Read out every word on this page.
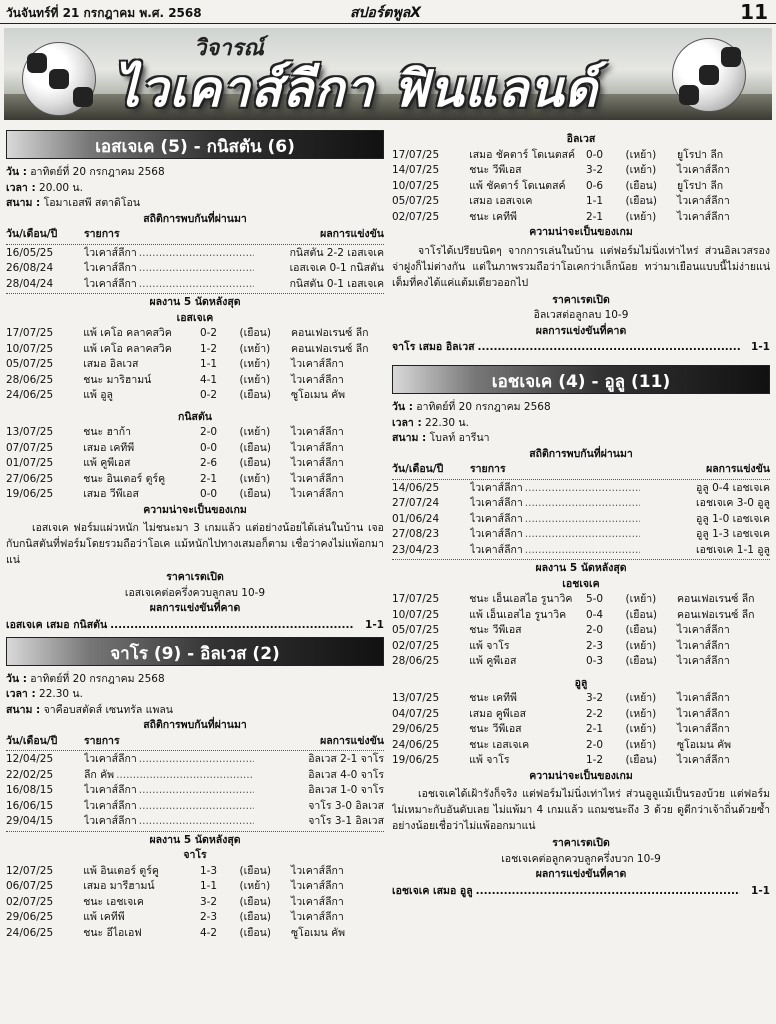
วันจันทร์ที่ 21 กรกฎาคม พ.ศ. 2568	สปอร์ตพูลX	11
วิจารณ์
ไวเคาส์ลีกา ฟินแลนด์
เอสเจเค (5) - กนิสตัน (6)
วัน : อาทิตย์ที่ 20 กรกฎาคม 2568
เวลา : 20.00 น.
สนาม : โอมาเอสพี สตาดิโอน
สถิติการพบกันที่ผ่านมา
วัน/เดือน/ปี	รายการ	ผลการแข่งขัน
16/05/25	ไวเคาส์ลีกา .....	กนิสตัน 2-2 เอสเจเค
26/08/24	ไวเคาส์ลีกา .....	เอสเจเค 0-1 กนิสตัน
28/04/24	ไวเคาส์ลีกา .....	กนิสตัน 0-1 เอสเจเค
ผลงาน 5 นัดหลังสุด
เอสเจเค
17/07/25	แพ้ เคโอ คลาคสวิค	0-2	(เยือน)	คอนเฟอเรนซ์ ลีก
10/07/25	แพ้ เคโอ คลาคสวิค	1-2	(เหย้า)	คอนเฟอเรนซ์ ลีก
05/07/25	เสมอ อิลเวส	1-1	(เหย้า)	ไวเคาส์ลีกา
28/06/25	ชนะ มาริฮามน์	4-1	(เหย้า)	ไวเคาส์ลีกา
24/06/25	แพ้ อูลู	0-2	(เยือน)	ซูโอเมน คัพ
กนิสตัน
13/07/25	ชนะ ฮาก้า	2-0	(เหย้า)	ไวเคาส์ลีกา
07/07/25	เสมอ เคทีพี	0-0	(เยือน)	ไวเคาส์ลีกา
01/07/25	แพ้ คูพีเอส	2-6	(เยือน)	ไวเคาส์ลีกา
27/06/25	ชนะ อินเตอร์ ตูร์คู	2-1	(เหย้า)	ไวเคาส์ลีกา
19/06/25	เสมอ วีพีเอส	0-0	(เยือน)	ไวเคาส์ลีกา
ความน่าจะเป็นของเกม
เอสเจเค ฟอร์มแผ่วหนัก ไม่ชนะมา 3 เกมแล้ว แต่อย่างน้อยได้เล่นในบ้าน เจอกับกนิสตันที่ฟอร์มโดยรวมถือว่าโอเค แม้หนักไปทางเสมอก็ตาม เชื่อว่าคงไม่แพ้อกมาแน่
ราคาเรตเปิด
เอสเจเคต่อครึ่งควบลูกลบ 10-9
ผลการแข่งขันที่คาด
เอสเจเค เสมอ กนิสตัน .....	1-1
จาโร (9) - อิลเวส (2)
วัน : อาทิตย์ที่ 20 กรกฎาคม 2568
เวลา : 22.30 น.
สนาม : จาคือบสตัดส์ เซนทรัล แพลน
สถิติการพบกันที่ผ่านมา
วัน/เดือน/ปี	รายการ	ผลการแข่งขัน
12/04/25	ไวเคาส์ลีกา .....	อิลเวส 2-1 จาโร
22/02/25	ลีก คัพ .....	อิลเวส 4-0 จาโร
16/08/15	ไวเคาส์ลีกา .....	อิลเวส 1-0 จาโร
16/06/15	ไวเคาส์ลีกา .....	จาโร 3-0 อิลเวส
29/04/15	ไวเคาส์ลีกา .....	จาโร 3-1 อิลเวส
ผลงาน 5 นัดหลังสุด
จาโร
12/07/25	แพ้ อินเตอร์ ตูร์คู	1-3	(เยือน)	ไวเคาส์ลีกา
06/07/25	เสมอ มารีฮามน์	1-1	(เหย้า)	ไวเคาส์ลีกา
02/07/25	ชนะ เอชเจเค	3-2	(เยือน)	ไวเคาส์ลีกา
29/06/25	แพ้ เคทีพี	2-3	(เยือน)	ไวเคาส์ลีกา
24/06/25	ชนะ อีไอเอฟ	4-2	(เยือน)	ซูโอเมน คัพ
อิลเวส
17/07/25	เสมอ ชัคตาร์ โดเนตสค์	0-0	(เหย้า)	ยูโรปา ลีก
14/07/25	ชนะ วีพีเอส	3-2	(เหย้า)	ไวเคาส์ลีกา
10/07/25	แพ้ ชัคตาร์ โดเนตสค์	0-6	(เยือน)	ยูโรปา ลีก
05/07/25	เสมอ เอสเจเค	1-1	(เยือน)	ไวเคาส์ลีกา
02/07/25	ชนะ เคทีพี	2-1	(เหย้า)	ไวเคาส์ลีกา
ความน่าจะเป็นของเกม
จาโรได้เปรียบนิดๆ จากการเล่นในบ้าน แต่ฟอร์มไม่นิ่งเท่าไหร่ ส่วนอิลเวสรองจ่าฝูงก็ไม่ต่างกัน แต่ในภาพรวมถือว่าโอเคกว่าเล็กน้อย ทว่ามาเยือนแบบนี้ไม่ง่ายแน่ เต็มที่คงได้แค่แต้มเดียวออกไป
ราคาเรตเปิด
อิลเวสต่อลูกลบ 10-9
ผลการแข่งขันที่คาด
จาโร เสมอ อิลเวส .....	1-1
เอชเจเค (4) - อูลู (11)
วัน : อาทิตย์ที่ 20 กรกฎาคม 2568
เวลา : 22.30 น.
สนาม : โบลท์ อารีนา
สถิติการพบกันที่ผ่านมา
วัน/เดือน/ปี	รายการ	ผลการแข่งขัน
14/06/25	ไวเคาส์ลีกา .....	อูลู 0-4 เอชเจเค
27/07/24	ไวเคาส์ลีกา .....	เอชเจเค 3-0 อูลู
01/06/24	ไวเคาส์ลีกา .....	อูลู 1-0 เอชเจเค
27/08/23	ไวเคาส์ลีกา .....	อูลู 1-3 เอชเจเค
23/04/23	ไวเคาส์ลีกา .....	เอชเจเค 1-1 อูลู
ผลงาน 5 นัดหลังสุด
เอชเจเค
17/07/25	ชนะ เอ็นเอสไอ รูนาวิค	5-0	(เหย้า)	คอนเฟอเรนซ์ ลีก
10/07/25	แพ้ เอ็นเอสไอ รูนาวิค	0-4	(เยือน)	คอนเฟอเรนซ์ ลีก
05/07/25	ชนะ วีพีเอส	2-0	(เยือน)	ไวเคาส์ลีกา
02/07/25	แพ้ จาโร	2-3	(เหย้า)	ไวเคาส์ลีกา
28/06/25	แพ้ คูพีเอส	0-3	(เยือน)	ไวเคาส์ลีกา
อูลู
13/07/25	ชนะ เคทีพี	3-2	(เหย้า)	ไวเคาส์ลีกา
04/07/25	เสมอ คูพีเอส	2-2	(เหย้า)	ไวเคาส์ลีกา
29/06/25	ชนะ วีพีเอส	2-1	(เหย้า)	ไวเคาส์ลีกา
24/06/25	ชนะ เอสเจเค	2-0	(เหย้า)	ซูโอเมน คัพ
19/06/25	แพ้ จาโร	1-2	(เยือน)	ไวเคาส์ลีกา
ความน่าจะเป็นของเกม
เอชเจเคได้เฝ้ารังก็จริง แต่ฟอร์มไม่นิ่งเท่าไหร่ ส่วนอูลูแม้เป็นรองบ้วย แต่ฟอร์มไม่เหมาะกับอันดับเลย ไม่แพ้มา 4 เกมแล้ว แถมชนะถึง 3 ด้วย ดูดีกว่าเจ้าถิ่นด้วยซ้ำ อย่างน้อยเชื่อว่าไม่แพ้ออกมาแน่
ราคาเรตเปิด
เอชเจเคต่อลูกควบลูกครึ่งบวก 10-9
ผลการแข่งขันที่คาด
เอชเจเค เสมอ อูลู .....	1-1
